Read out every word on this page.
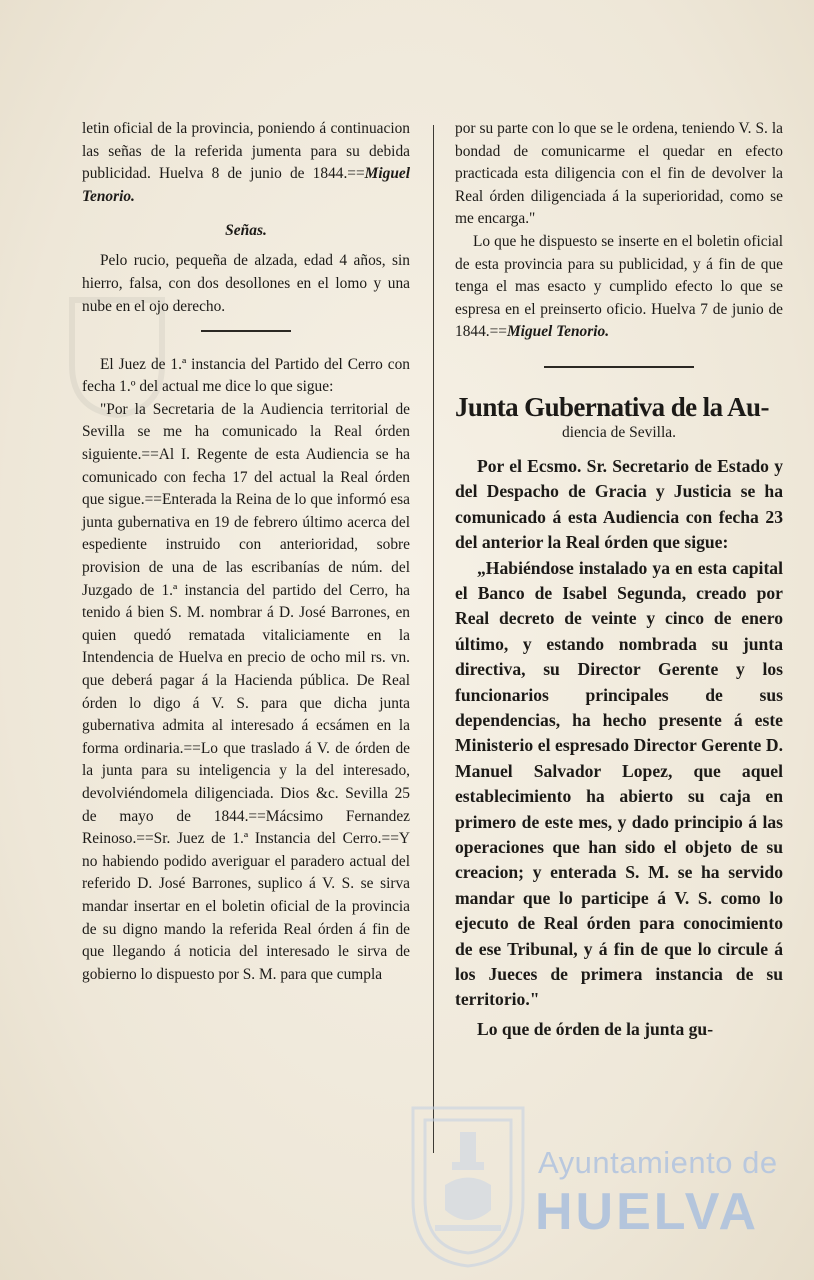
letin oficial de la provincia, poniendo á continuacion las señas de la referida jumenta para su debida publicidad. Huelva 8 de junio de 1844.==Miguel Tenorio.

Señas.

Pelo rucio, pequeña de alzada, edad 4 años, sin hierro, falsa, con dos desollones en el lomo y una nube en el ojo derecho.

El Juez de 1.ª instancia del Partido del Cerro con fecha 1.º del actual me dice lo que sigue:

"Por la Secretaria de la Audiencia territorial de Sevilla se me ha comunicado la Real órden siguiente.==Al I. Regente de esta Audiencia se ha comunicado con fecha 17 del actual la Real órden que sigue.==Enterada la Reina de lo que informó esa junta gubernativa en 19 de febrero último acerca del espediente instruido con anterioridad, sobre provision de una de las escribanías de núm. del Juzgado de 1.ª instancia del partido del Cerro, ha tenido á bien S. M. nombrar á D. José Barrones, en quien quedó rematada vitaliciamente en la Intendencia de Huelva en precio de ocho mil rs. vn. que deberá pagar á la Hacienda pública. De Real órden lo digo á V. S. para que dicha junta gubernativa admita al interesado á ecsámen en la forma ordinaria.==Lo que traslado á V. de órden de la junta para su inteligencia y la del interesado, devolviéndomela diligenciada. Dios &c. Sevilla 25 de mayo de 1844.==Mácsimo Fernandez Reinoso.==Sr. Juez de 1.ª Instancia del Cerro.==Y no habiendo podido averiguar el paradero actual del referido D. José Barrones, suplico á V. S. se sirva mandar insertar en el boletin oficial de la provincia de su digno mando la referida Real órden á fin de que llegando á noticia del interesado le sirva de gobierno lo dispuesto por S. M. para que cumpla

por su parte con lo que se le ordena, teniendo V. S. la bondad de comunicarme el quedar en efecto practicada esta diligencia con el fin de devolver la Real órden diligenciada á la superioridad, como se me encarga."

Lo que he dispuesto se inserte en el boletin oficial de esta provincia para su publicidad, y á fin de que tenga el mas esacto y cumplido efecto lo que se espresa en el preinserto oficio. Huelva 7 de junio de 1844.==Miguel Tenorio.

Junta Gubernativa de la Au-

diencia de Sevilla.

Por el Ecsmo. Sr. Secretario de Estado y del Despacho de Gracia y Justicia se ha comunicado á esta Audiencia con fecha 23 del anterior la Real órden que sigue:

„Habiéndose instalado ya en esta capital el Banco de Isabel Segunda, creado por Real decreto de veinte y cinco de enero último, y estando nombrada su junta directiva, su Director Gerente y los funcionarios principales de sus dependencias, ha hecho presente á este Ministerio el espresado Director Gerente D. Manuel Salvador Lopez, que aquel establecimiento ha abierto su caja en primero de este mes, y dado principio á las operaciones que han sido el objeto de su creacion; y enterada S. M. se ha servido mandar que lo participe á V. S. como lo ejecuto de Real órden para conocimiento de ese Tribunal, y á fin de que lo circule á los Jueces de primera instancia de su territorio."

Lo que de órden de la junta gu-

Ayuntamiento de
HUELVA
